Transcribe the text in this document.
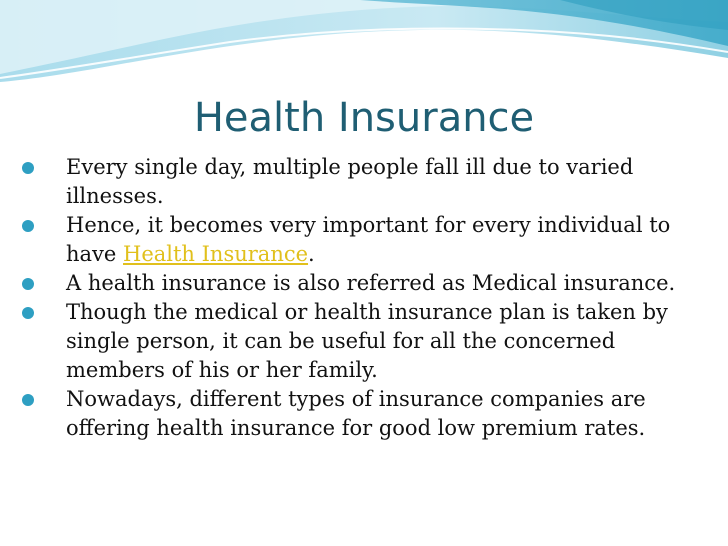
Health Insurance
Every single day, multiple people fall ill due to varied illnesses.
Hence, it becomes very important for every individual to have Health Insurance.
A health insurance is also referred as Medical insurance.
Though the medical or health insurance plan is taken by single person, it can be useful for all the concerned members of his or her family.
Nowadays, different types of insurance companies are offering health insurance for good low premium rates.
